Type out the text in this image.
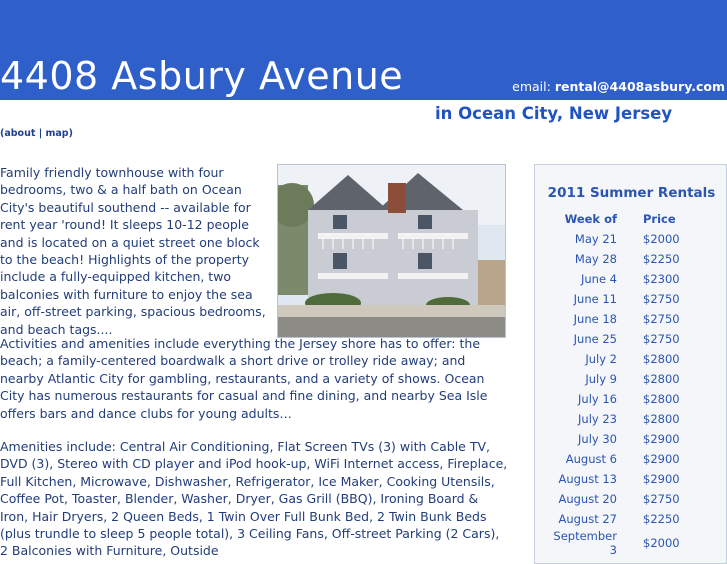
4408 Asbury Avenue	email: rental@4408asbury.com
in Ocean City, New Jersey
(about | map)

Family friendly townhouse with four bedrooms, two & a half bath on Ocean City's beautiful southend -- available for rent year 'round! It sleeps 10-12 people and is located on a quiet street one block to the beach! Highlights of the property include a fully-equipped kitchen, two balconies with furniture to enjoy the sea air, off-street parking, spacious bedrooms, and beach tags....

Activities and amenities include everything the Jersey shore has to offer: the beach; a family-centered boardwalk a short drive or trolley ride away; and nearby Atlantic City for gambling, restaurants, and a variety of shows. Ocean City has numerous restaurants for casual and fine dining, and nearby Sea Isle offers bars and dance clubs for young adults…

Amenities include: Central Air Conditioning, Flat Screen TVs (3) with Cable TV, DVD (3), Stereo with CD player and iPod hook-up, WiFi Internet access, Fireplace, Full Kitchen, Microwave, Dishwasher, Refrigerator, Ice Maker, Cooking Utensils, Coffee Pot, Toaster, Blender, Washer, Dryer, Gas Grill (BBQ), Ironing Board & Iron, Hair Dryers, 2 Queen Beds, 1 Twin Over Full Bunk Bed, 2 Twin Bunk Beds (plus trundle to sleep 5 people total), 3 Ceiling Fans, Off-street Parking (2 Cars), 2 Balconies with Furniture, Outside

2011 Summer Rentals
Week of	Price
May 21	$2000
May 28	$2250
June 4	$2300
June 11	$2750
June 18	$2750
June 25	$2750
July 2	$2800
July 9	$2800
July 16	$2800
July 23	$2800
July 30	$2900
August 6	$2900
August 13	$2900
August 20	$2750
August 27	$2250
September 3	$2000
